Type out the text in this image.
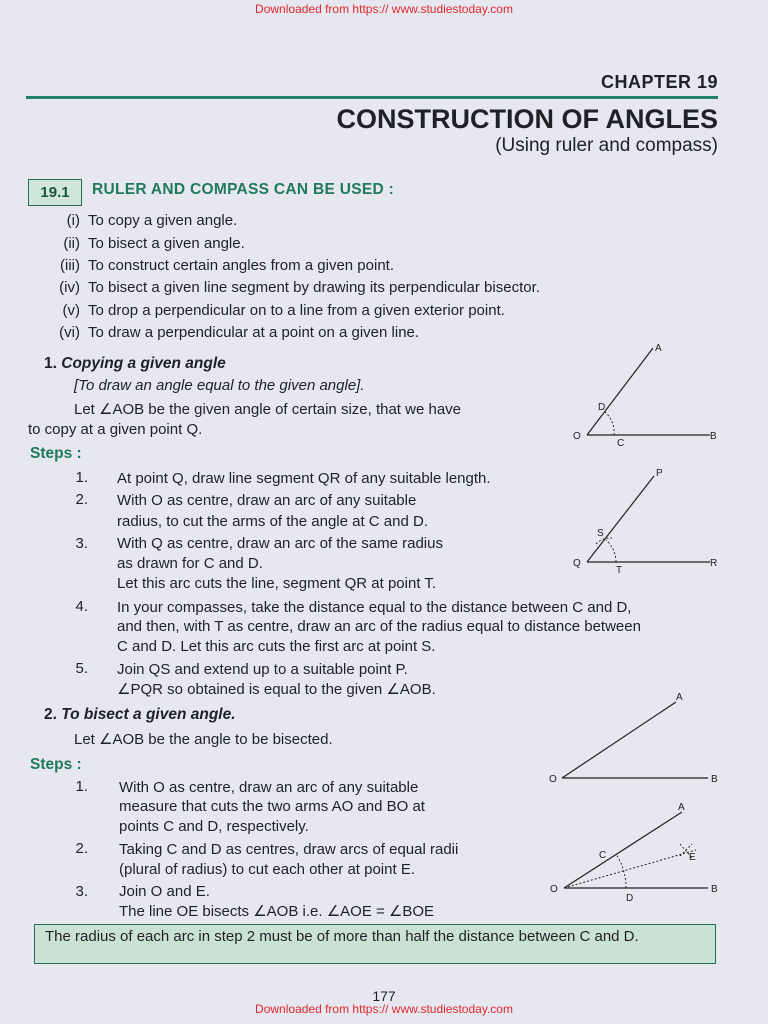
Downloaded from https:// www.studiestoday.com
CHAPTER 19
CONSTRUCTION OF ANGLES
(Using ruler and compass)
19.1	RULER AND COMPASS CAN BE USED :
(i) To copy a given angle.
(ii) To bisect a given angle.
(iii) To construct certain angles from a given point.
(iv) To bisect a given line segment by drawing its perpendicular bisector.
(v) To drop a perpendicular on to a line from a given exterior point.
(vi) To draw a perpendicular at a point on a given line.
1. Copying a given angle
[To draw an angle equal to the given angle].
Let ∠AOB be the given angle of certain size, that we have
to copy at a given point Q.
Steps :
1. At point Q, draw line segment QR of any suitable length.
2. With O as centre, draw an arc of any suitable
radius, to cut the arms of the angle at C and D.
3. With Q as centre, draw an arc of the same radius
as drawn for C and D.
Let this arc cuts the line, segment QR at point T.
4. In your compasses, take the distance equal to the distance between C and D,
and then, with T as centre, draw an arc of the radius equal to distance between
C and D. Let this arc cuts the first arc at point S.
5. Join QS and extend up to a suitable point P.
∠PQR so obtained is equal to the given ∠AOB.
A
D
O
C
B
P
S
Q
T
R
2. To bisect a given angle.
Let ∠AOB be the angle to be bisected.
Steps :
1. With O as centre, draw an arc of any suitable
measure that cuts the two arms AO and BO at
points C and D, respectively.
2. Taking C and D as centres, draw arcs of equal radii
(plural of radius) to cut each other at point E.
3. Join O and E.
The line OE bisects ∠AOB i.e. ∠AOE = ∠BOE
A
O	B
A
C	E
O
D
B
The radius of each arc in step 2 must be of more than half the distance between C and D.
177
Downloaded from https:// www.studiestoday.com
